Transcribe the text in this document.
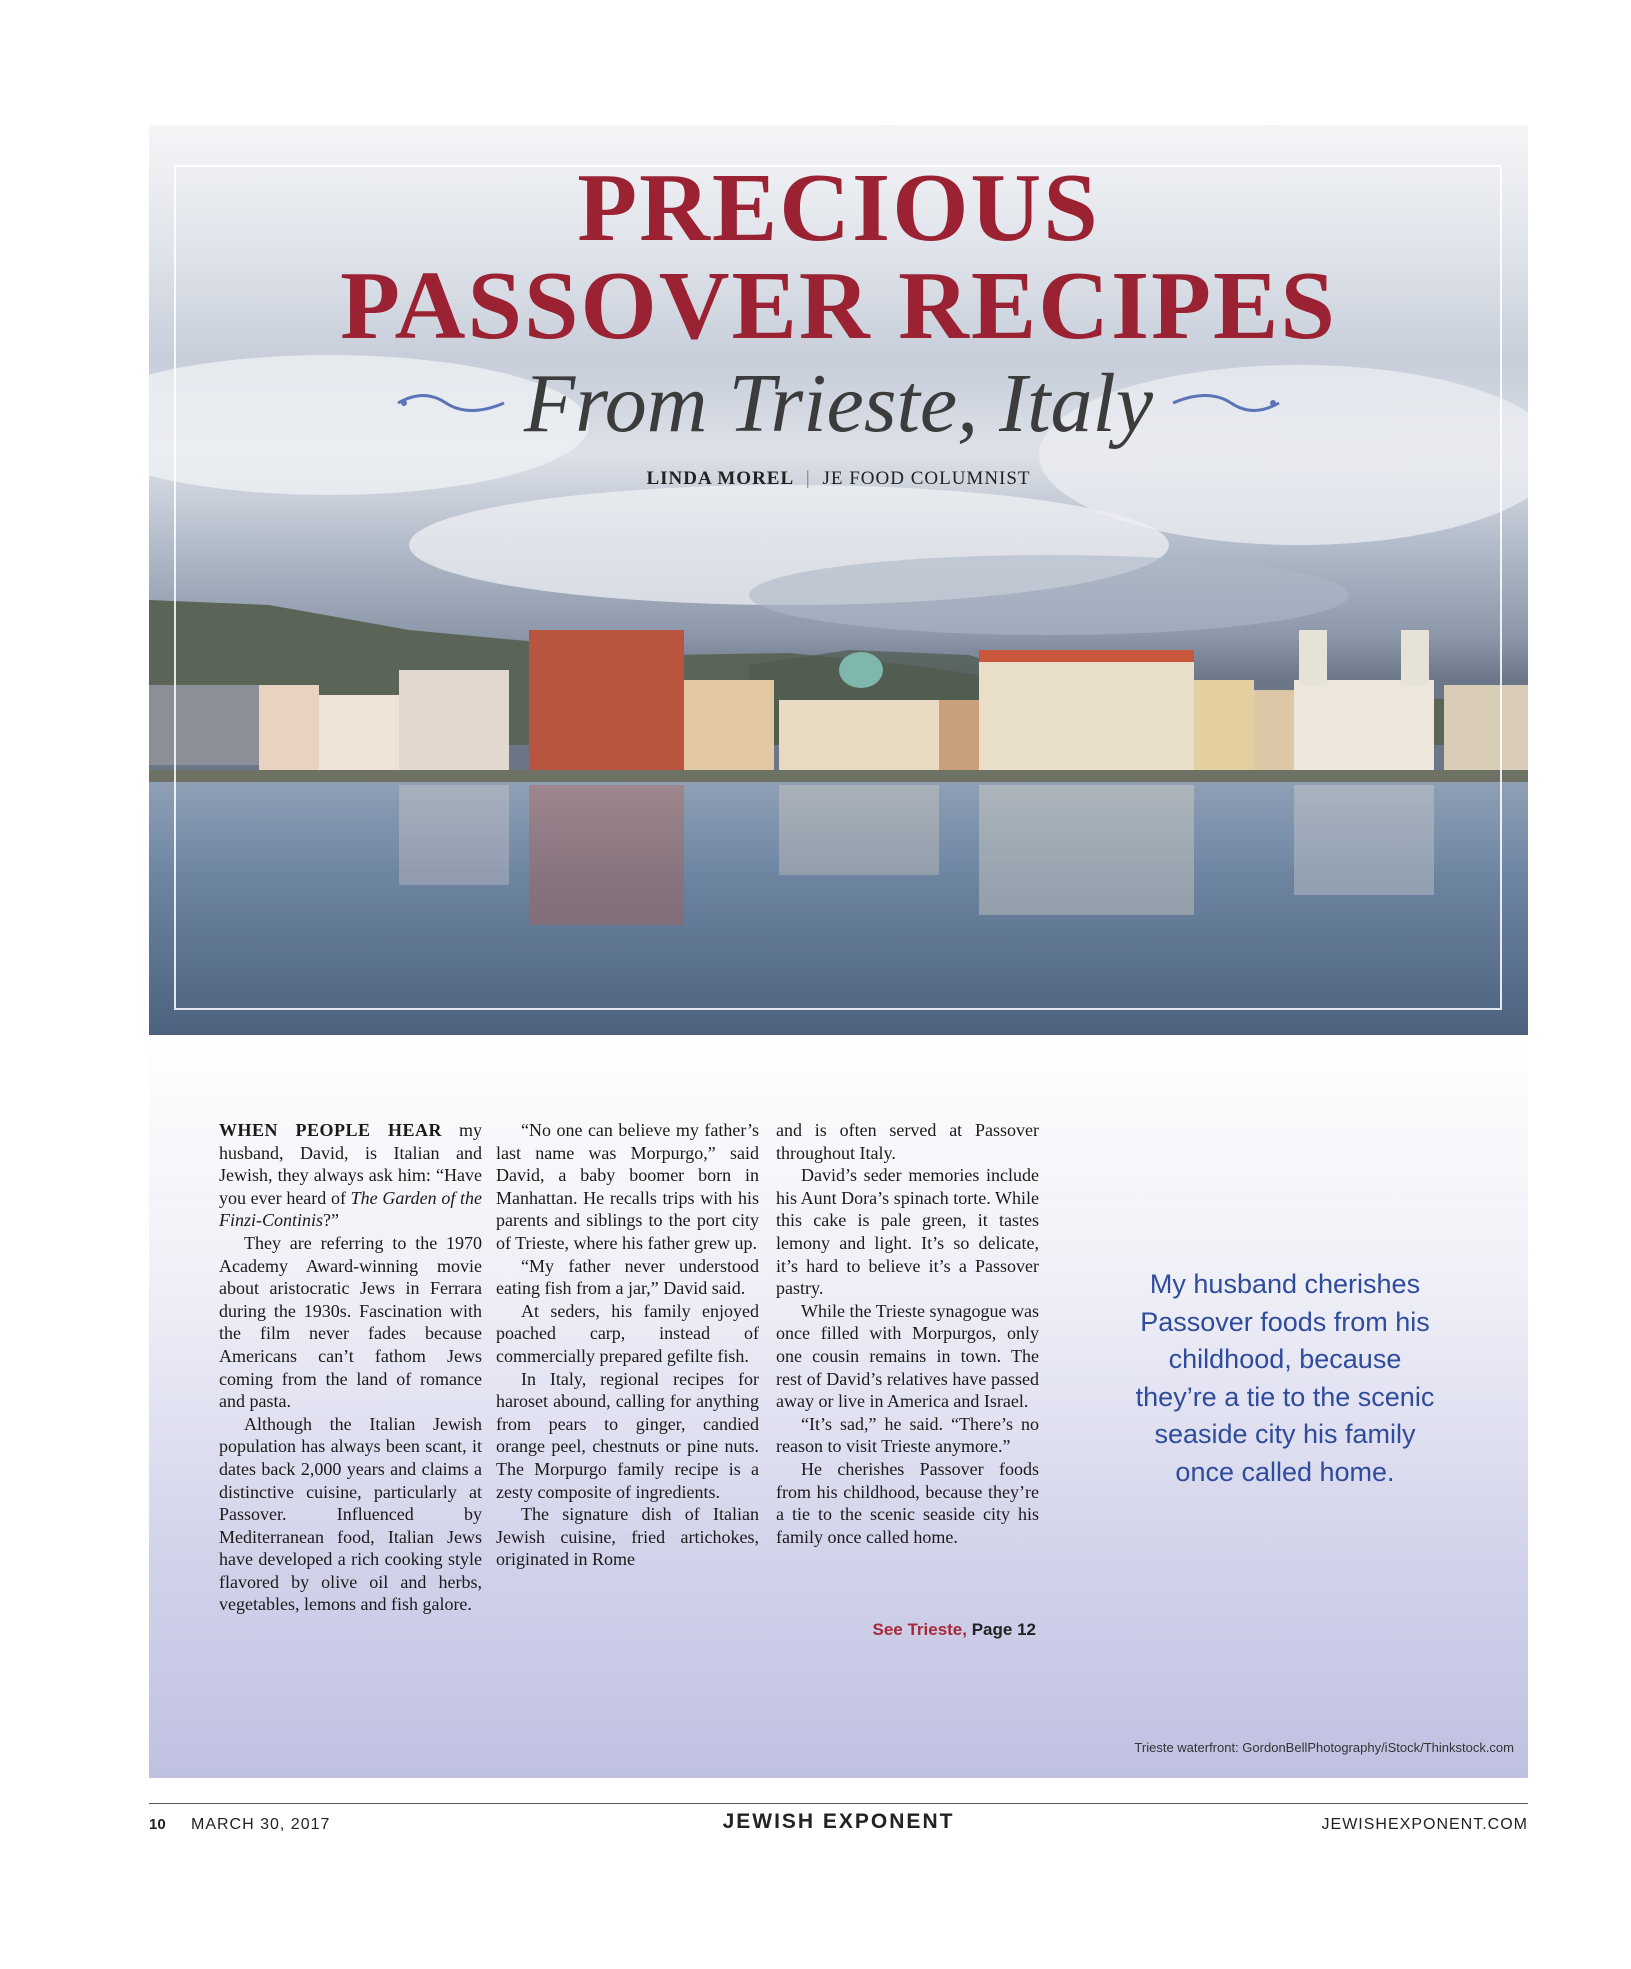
PRECIOUS
PASSOVER RECIPES
From Trieste, Italy
LINDA MOREL | JE FOOD COLUMNIST

WHEN PEOPLE HEAR my husband, David, is Italian and Jewish, they always ask him: “Have you ever heard of The Garden of the Finzi-Continis?”

They are referring to the 1970 Academy Award-winning movie about aristocratic Jews in Ferrara during the 1930s. Fascination with the film never fades because Americans can’t fathom Jews coming from the land of romance and pasta.

Although the Italian Jewish population has always been scant, it dates back 2,000 years and claims a distinctive cuisine, particularly at Passover. Influenced by Mediterranean food, Italian Jews have developed a rich cooking style flavored by olive oil and herbs, vegetables, lemons and fish galore.

“No one can believe my father’s last name was Morpurgo,” said David, a baby boomer born in Manhattan. He recalls trips with his parents and siblings to the port city of Trieste, where his father grew up.

“My father never understood eating fish from a jar,” David said.

At seders, his family enjoyed poached carp, instead of commercially prepared gefilte fish.

In Italy, regional recipes for haroset abound, calling for anything from pears to ginger, candied orange peel, chestnuts or pine nuts. The Morpurgo family recipe is a zesty composite of ingredients.

The signature dish of Italian Jewish cuisine, fried artichokes, originated in Rome

and is often served at Passover throughout Italy.

David’s seder memories include his Aunt Dora’s spinach torte. While this cake is pale green, it tastes lemony and light. It’s so delicate, it’s hard to believe it’s a Passover pastry.

While the Trieste synagogue was once filled with Morpurgos, only one cousin remains in town. The rest of David’s relatives have passed away or live in America and Israel.

“It’s sad,” he said. “There’s no reason to visit Trieste anymore.”

He cherishes Passover foods from his childhood, because they’re a tie to the scenic seaside city his family once called home.

See Trieste, Page 12
My husband cherishes Passover foods from his childhood, because they’re a tie to the scenic seaside city his family once called home.
Trieste waterfront: GordonBellPhotography/iStock/Thinkstock.com
10 MARCH 30, 2017	JEWISH EXPONENT	JEWISHEXPONENT.COM
